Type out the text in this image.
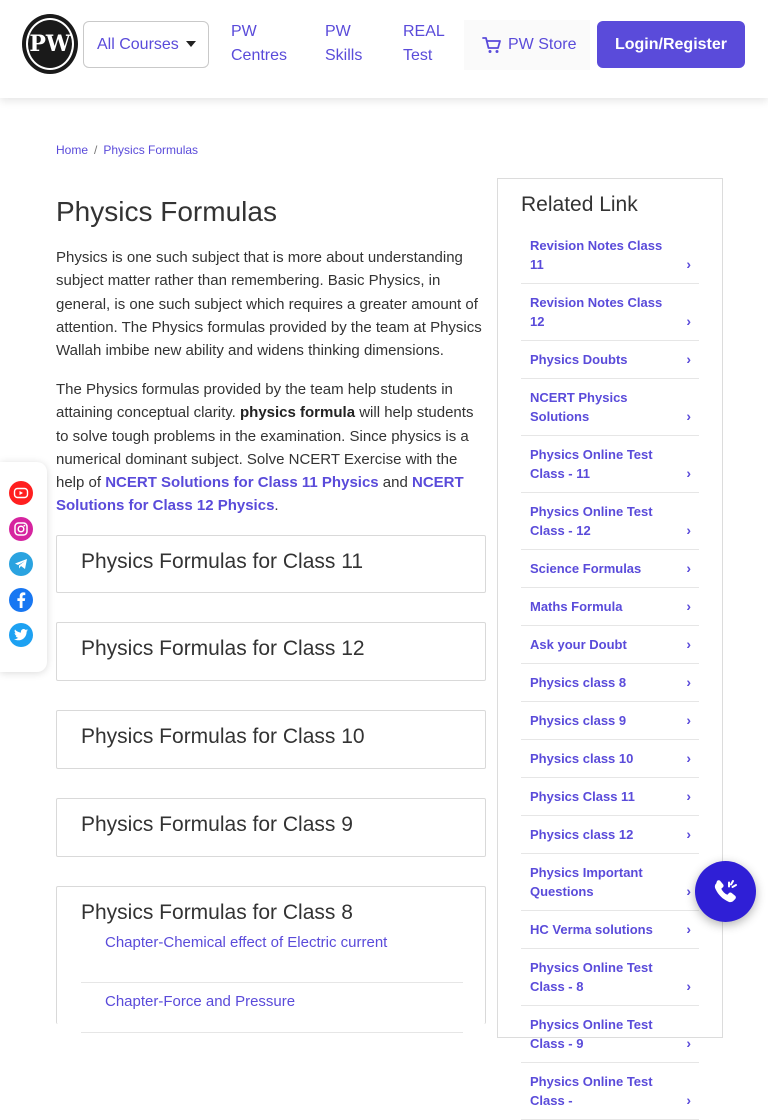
PW All Courses
PW
Centres
PW
Skills
REAL
Test
PW Store	Login/Register
Home / Physics Formulas
Physics Formulas

Physics is one such subject that is more about understanding subject matter rather than remembering. Basic Physics, in general, is one such subject which requires a greater amount of attention. The Physics formulas provided by the team at Physics Wallah imbibe new ability and widens thinking dimensions.

The Physics formulas provided by the team help students in attaining conceptual clarity. physics formula will help students to solve tough problems in the examination. Since physics is a numerical dominant subject. Solve NCERT Exercise with the help of NCERT Solutions for Class 11 Physics and NCERT Solutions for Class 12 Physics.

Physics Formulas for Class 11
Physics Formulas for Class 12
Physics Formulas for Class 10
Physics Formulas for Class 9
Physics Formulas for Class 8
Chapter-Chemical effect of Electric current
Chapter-Force and Pressure
Related Link
Revision Notes Class 11	›
Revision Notes Class 12	›
Physics Doubts	›
NCERT Physics Solutions	›
Physics Online Test Class - 11	›
Physics Online Test Class - 12	›
Science Formulas	›
Maths Formula	›
Ask your Doubt	›
Physics class 8	›
Physics class 9	›
Physics class 10	›
Physics Class 11	›
Physics class 12	›
Physics Important Questions	›
HC Verma solutions ›
Physics Online Test Class - 8	›
Physics Online Test Class - 9	›
Physics Online Test Class -	›
